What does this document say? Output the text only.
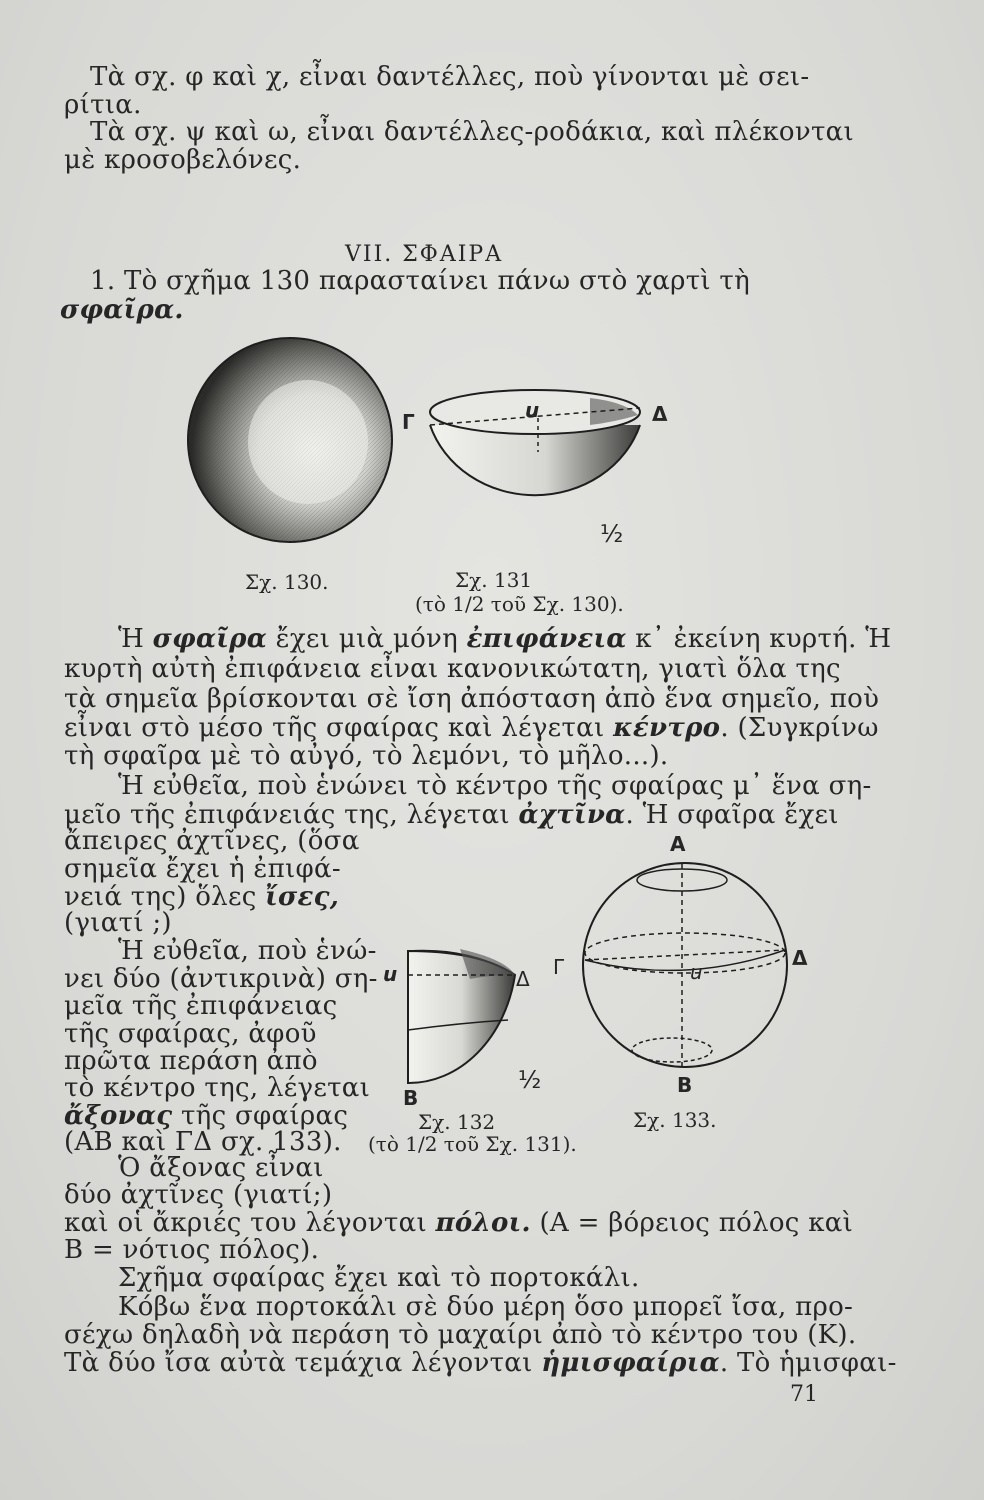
Τὰ σχ. φ καὶ χ, εἶναι δαντέλλες, ποὺ γίνονται μὲ σει-
ρίτια.
Τὰ σχ. ψ καὶ ω, εἶναι δαντέλλες-ροδάκια, καὶ πλέκονται
μὲ κροσοβελόνες.
VII. ΣΦΑΙΡΑ
1. Τὸ σχῆμα 130 παρασταίνει πάνω στὸ χαρτὶ τὴ
σφαῖρα.
Γ	u	Δ
½
Σχ. 130.	Σχ. 131
(τὸ 1/2 τοῦ Σχ. 130).
Ἡ σφαῖρα ἔχει μιὰ μόνη ἐπιφάνεια κ᾿ ἐκείνη κυρτή. Ἡ
κυρτὴ αὐτὴ ἐπιφάνεια εἶναι κανονικώτατη, γιατὶ ὅλα της
τὰ σημεῖα βρίσκονται σὲ ἴση ἀπόσταση ἀπὸ ἕνα σημεῖο, ποὺ
εἶναι στὸ μέσο τῆς σφαίρας καὶ λέγεται κέντρο. (Συγκρίνω
τὴ σφαῖρα μὲ τὸ αὐγό, τὸ λεμόνι, τὸ μῆλο...).
Ἡ εὐθεῖα, ποὺ ἑνώνει τὸ κέντρο τῆς σφαίρας μ᾿ ἕνα ση-
μεῖο τῆς ἐπιφάνειάς της, λέγεται ἀχτῖνα. Ἡ σφαῖρα ἔχει
ἄπειρες ἀχτῖνες, (ὅσα
σημεῖα ἔχει ἡ ἐπιφά-
νειά της) ὅλες ἴσες,
(γιατί ;)
Ἡ εὐθεῖα, ποὺ ἑνώ-
νει δύο (ἀντικρινὰ) ση-
μεῖα τῆς ἐπιφάνειας
τῆς σφαίρας, ἀφοῦ
πρῶτα περάση ἀπὸ
τὸ κέντρο της, λέγεται
ἄξονας τῆς σφαίρας
(ΑΒ καὶ ΓΔ σχ. 133).
u	Δ
Β
½
Σχ. 132
(τὸ 1/2 τοῦ Σχ. 131).
Α
Γ	u
Δ
Β
Σχ. 133.
Ὁ ἄξονας εἶναι
δύο ἀχτῖνες (γιατί;)
καὶ οἱ ἄκριές του λέγονται πόλοι. (Α = βόρειος πόλος καὶ
Β = νότιος πόλος).
Σχῆμα σφαίρας ἔχει καὶ τὸ πορτοκάλι.
Κόβω ἕνα πορτοκάλι σὲ δύο μέρη ὅσο μπορεῖ ἴσα, προ-
σέχω δηλαδὴ νὰ περάση τὸ μαχαίρι ἀπὸ τὸ κέντρο του (Κ).
Τὰ δύο ἴσα αὐτὰ τεμάχια λέγονται ἡμισφαίρια. Τὸ ἡμισφαι-
71
